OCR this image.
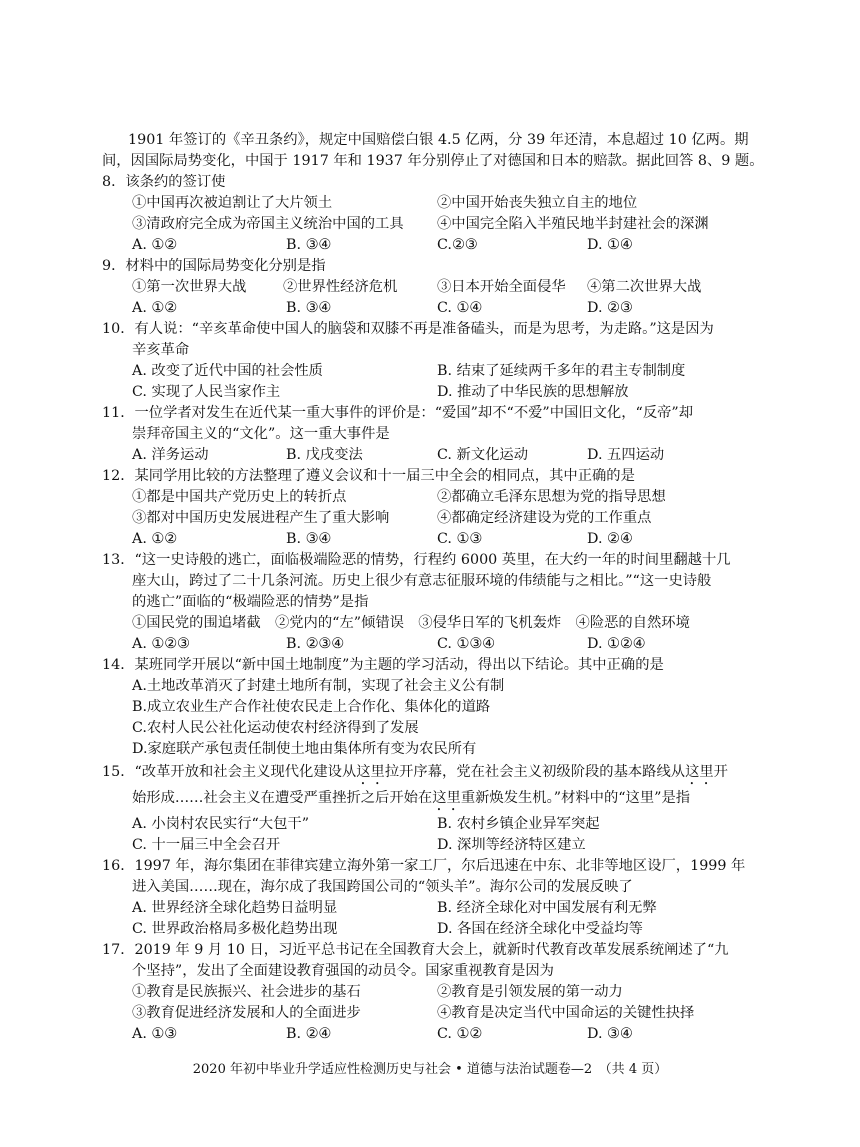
1901 年签订的《辛丑条约》，规定中国赔偿白银 4.5 亿两，分 39 年还清，本息超过 10 亿两。期
间，因国际局势变化，中国于 1917 年和 1937 年分别停止了对德国和日本的赔款。据此回答 8、9 题。
8．该条约的签订使
①中国再次被迫割让了大片领土	②中国开始丧失独立自主的地位
③清政府完全成为帝国主义统治中国的工具 ④中国完全陷入半殖民地半封建社会的深渊
A. ①②	B. ③④	C.②③	D. ①④
9．材料中的国际局势变化分别是指
①第一次世界大战	②世界性经济危机	③日本开始全面侵华 ④第二次世界大战
A. ①②	B. ③④	C. ①④	D. ②③
10．有人说：“辛亥革命使中国人的脑袋和双膝不再是准备磕头，而是为思考，为走路。”这是因为
辛亥革命
A. 改变了近代中国的社会性质	B. 结束了延续两千多年的君主专制制度
C. 实现了人民当家作主	D. 推动了中华民族的思想解放
11．一位学者对发生在近代某一重大事件的评价是：“爱国”却不“不爱”中国旧文化，“反帝”却
崇拜帝国主义的“文化”。这一重大事件是
A. 洋务运动	B. 戊戌变法	C. 新文化运动	D. 五四运动
12．某同学用比较的方法整理了遵义会议和十一届三中全会的相同点，其中正确的是
①都是中国共产党历史上的转折点	②都确立毛泽东思想为党的指导思想
③都对中国历史发展进程产生了重大影响	④都确定经济建设为党的工作重点
A. ①②	B. ③④	C. ①③	D. ②④
13．“这一史诗般的逃亡，面临极端险恶的情势，行程约 6000 英里，在大约一年的时间里翻越十几
座大山，跨过了二十几条河流。历史上很少有意志征服环境的伟绩能与之相比。”“这一史诗般
的逃亡”面临的“极端险恶的情势”是指
①国民党的围追堵截　②党内的“左”倾错误　③侵华日军的飞机轰炸　④险恶的自然环境
A. ①②③	B. ②③④	C. ①③④	D. ①②④
14．某班同学开展以“新中国土地制度”为主题的学习活动，得出以下结论。其中正确的是
A.土地改革消灭了封建土地所有制，实现了社会主义公有制
B.成立农业生产合作社使农民走上合作化、集体化的道路
C.农村人民公社化运动使农村经济得到了发展
D.家庭联产承包责任制使土地由集体所有变为农民所有
15．“改革开放和社会主义现代化建设从这里拉开序幕，党在社会主义初级阶段的基本路线从这里开
始形成……社会主义在遭受严重挫折之后开始在这里重新焕发生机。”材料中的“这里”是指
A. 小岗村农民实行“大包干”	B. 农村乡镇企业异军突起
C. 十一届三中全会召开	D. 深圳等经济特区建立
16．1997 年，海尔集团在菲律宾建立海外第一家工厂，尔后迅速在中东、北非等地区设厂，1999 年
进入美国……现在，海尔成了我国跨国公司的“领头羊”。海尔公司的发展反映了
A. 世界经济全球化趋势日益明显	B. 经济全球化对中国发展有利无弊
C. 世界政治格局多极化趋势出现	D. 各国在经济全球化中受益均等
17．2019 年 9 月 10 日，习近平总书记在全国教育大会上，就新时代教育改革发展系统阐述了“九
个坚持”，发出了全面建设教育强国的动员令。国家重视教育是因为
①教育是民族振兴、社会进步的基石	②教育是引领发展的第一动力
③教育促进经济发展和人的全面进步	④教育是决定当代中国命运的关键性抉择
A. ①③	B. ②④	C. ①②	D. ③④
2020 年初中毕业升学适应性检测历史与社会 • 道德与法治试题卷—2　（共 4 页）
